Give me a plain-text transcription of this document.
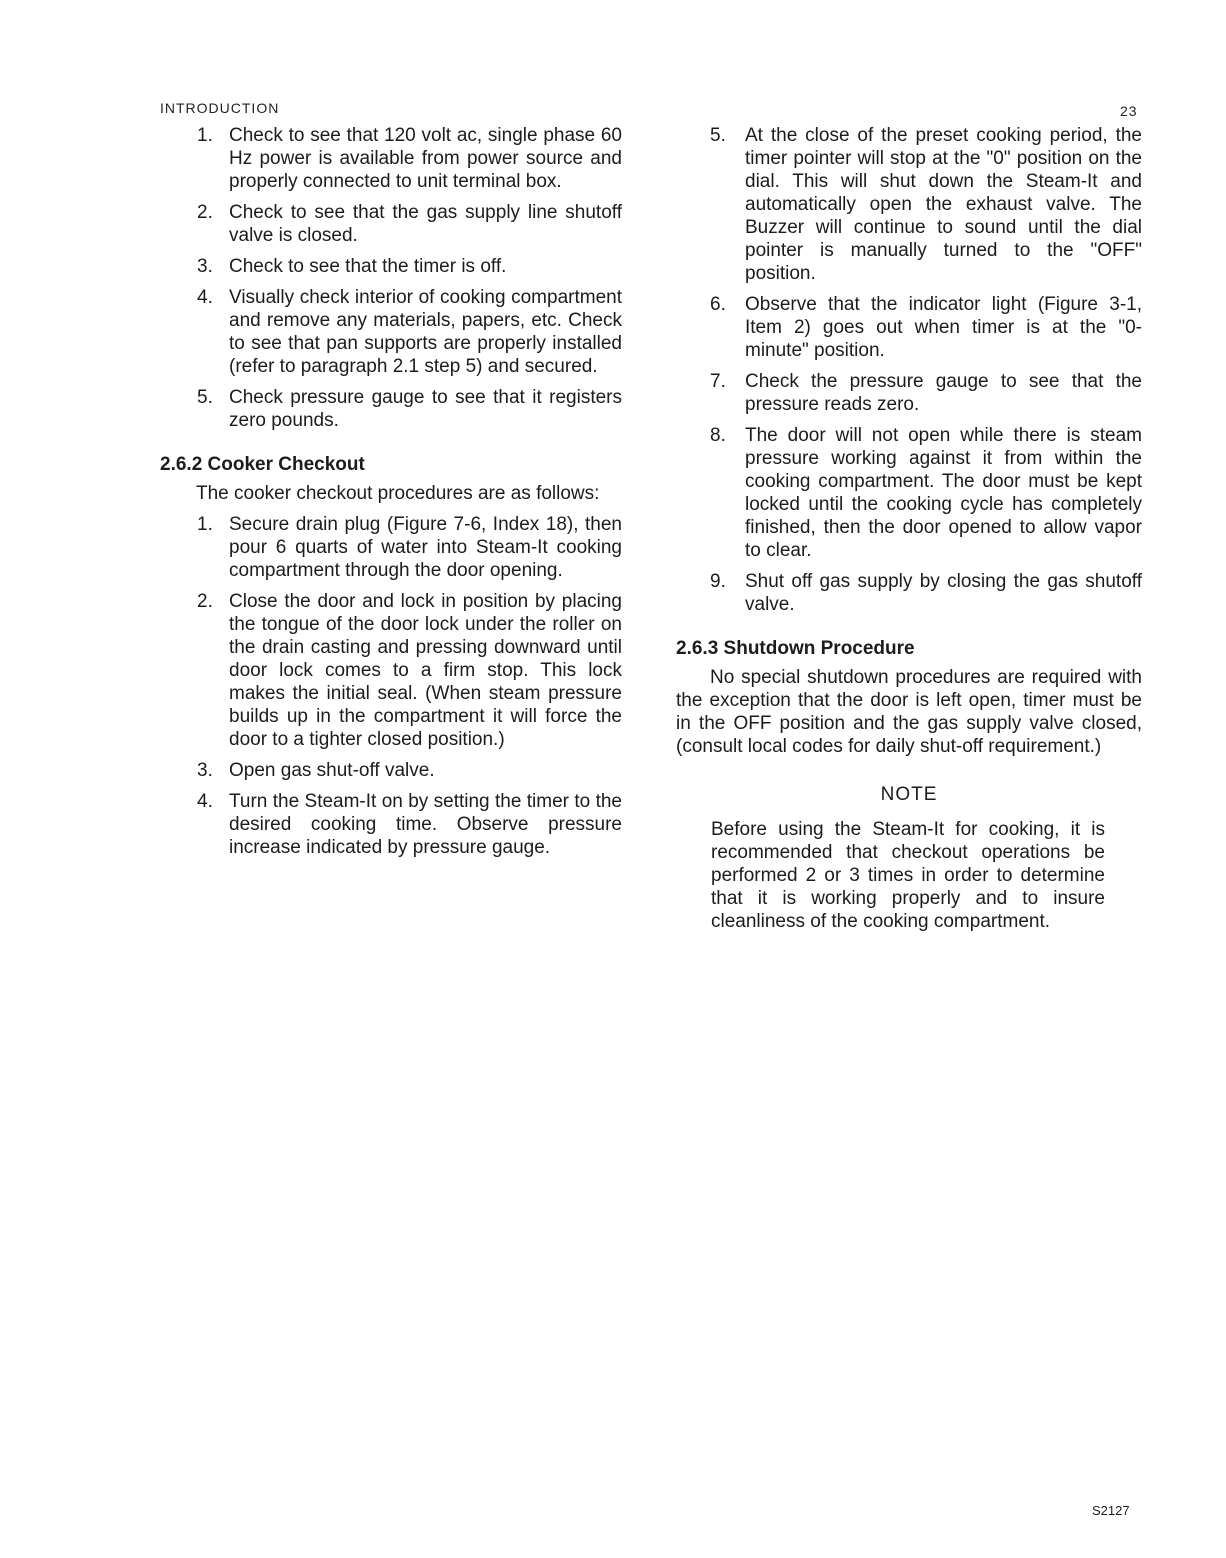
INTRODUCTION	23
1. Check to see that 120 volt ac, single phase 60 Hz power is available from power source and properly connected to unit terminal box.
2. Check to see that the gas supply line shutoff valve is closed.
3. Check to see that the timer is off.
4. Visually check interior of cooking compartment and remove any materials, papers, etc. Check to see that pan supports are properly installed (refer to paragraph 2.1 step 5) and secured.
5. Check pressure gauge to see that it registers zero pounds.
2.6.2 Cooker Checkout
The cooker checkout procedures are as follows:
1. Secure drain plug (Figure 7-6, Index 18), then pour 6 quarts of water into Steam-It cooking compartment through the door opening.
2. Close the door and lock in position by placing the tongue of the door lock under the roller on the drain casting and pressing downward until door lock comes to a firm stop. This lock makes the initial seal. (When steam pressure builds up in the compartment it will force the door to a tighter closed position.)
3. Open gas shut-off valve.
4. Turn the Steam-It on by setting the timer to the desired cooking time. Observe pressure increase indicated by pressure gauge.
5. At the close of the preset cooking period, the timer pointer will stop at the "0" position on the dial. This will shut down the Steam-It and automatically open the exhaust valve. The Buzzer will continue to sound until the dial pointer is manually turned to the "OFF" position.
6. Observe that the indicator light (Figure 3-1, Item 2) goes out when timer is at the "0-minute" position.
7. Check the pressure gauge to see that the pressure reads zero.
8. The door will not open while there is steam pressure working against it from within the cooking compartment. The door must be kept locked until the cooking cycle has completely finished, then the door opened to allow vapor to clear.
9. Shut off gas supply by closing the gas shutoff valve.
2.6.3 Shutdown Procedure

No special shutdown procedures are required with the exception that the door is left open, timer must be in the OFF position and the gas supply valve closed, (consult local codes for daily shut-off requirement.)

NOTE
Before using the Steam-It for cooking, it is recommended that checkout operations be performed 2 or 3 times in order to determine that it is working properly and to insure cleanliness of the cooking compartment.
S2127
